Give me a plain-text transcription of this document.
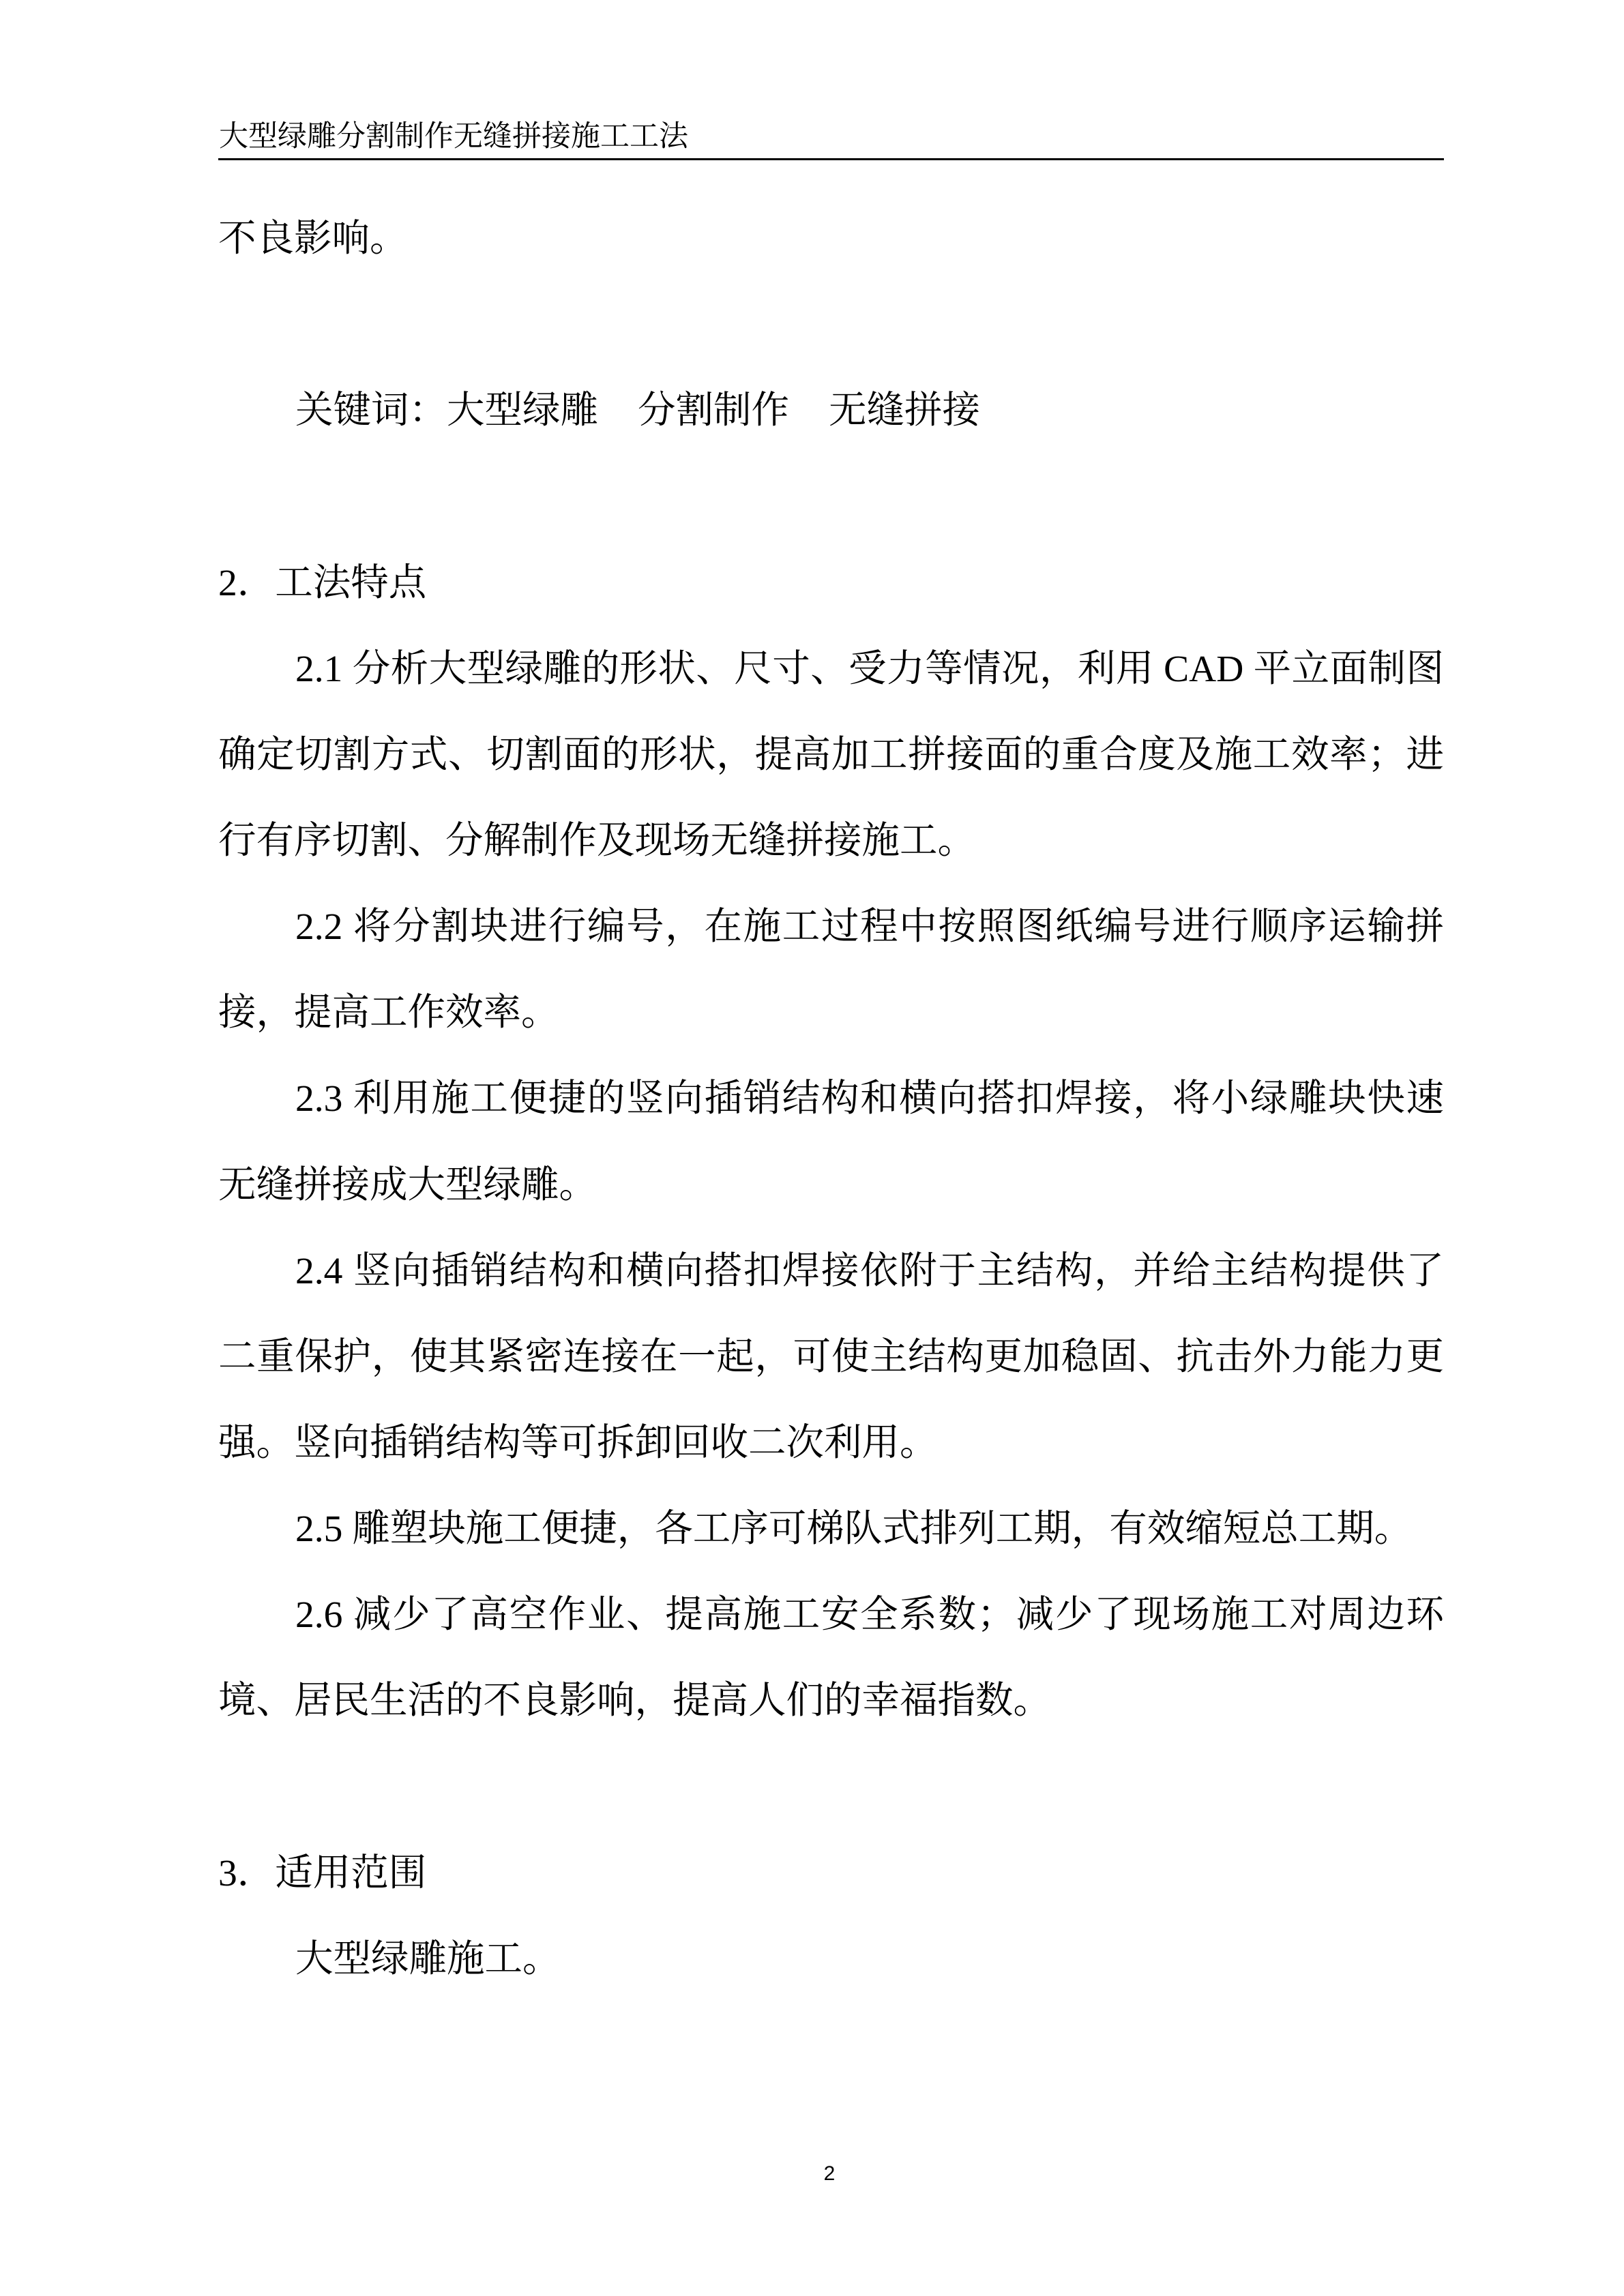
大型绿雕分割制作无缝拼接施工工法
不良影响。
关键词：大型绿雕 分割制作 无缝拼接
2．工法特点
2.1 分析大型绿雕的形状、尺寸、受力等情况，利用 CAD 平立面制图
确定切割方式、切割面的形状，提高加工拼接面的重合度及施工效率；进
行有序切割、分解制作及现场无缝拼接施工。
2.2 将分割块进行编号，在施工过程中按照图纸编号进行顺序运输拼
接，提高工作效率。
2.3 利用施工便捷的竖向插销结构和横向搭扣焊接，将小绿雕块快速
无缝拼接成大型绿雕。
2.4 竖向插销结构和横向搭扣焊接依附于主结构，并给主结构提供了
二重保护，使其紧密连接在一起，可使主结构更加稳固、抗击外力能力更
强。竖向插销结构等可拆卸回收二次利用。
2.5 雕塑块施工便捷，各工序可梯队式排列工期，有效缩短总工期。
2.6 减少了高空作业、提高施工安全系数；减少了现场施工对周边环
境、居民生活的不良影响，提高人们的幸福指数。
3．适用范围
大型绿雕施工。
2
